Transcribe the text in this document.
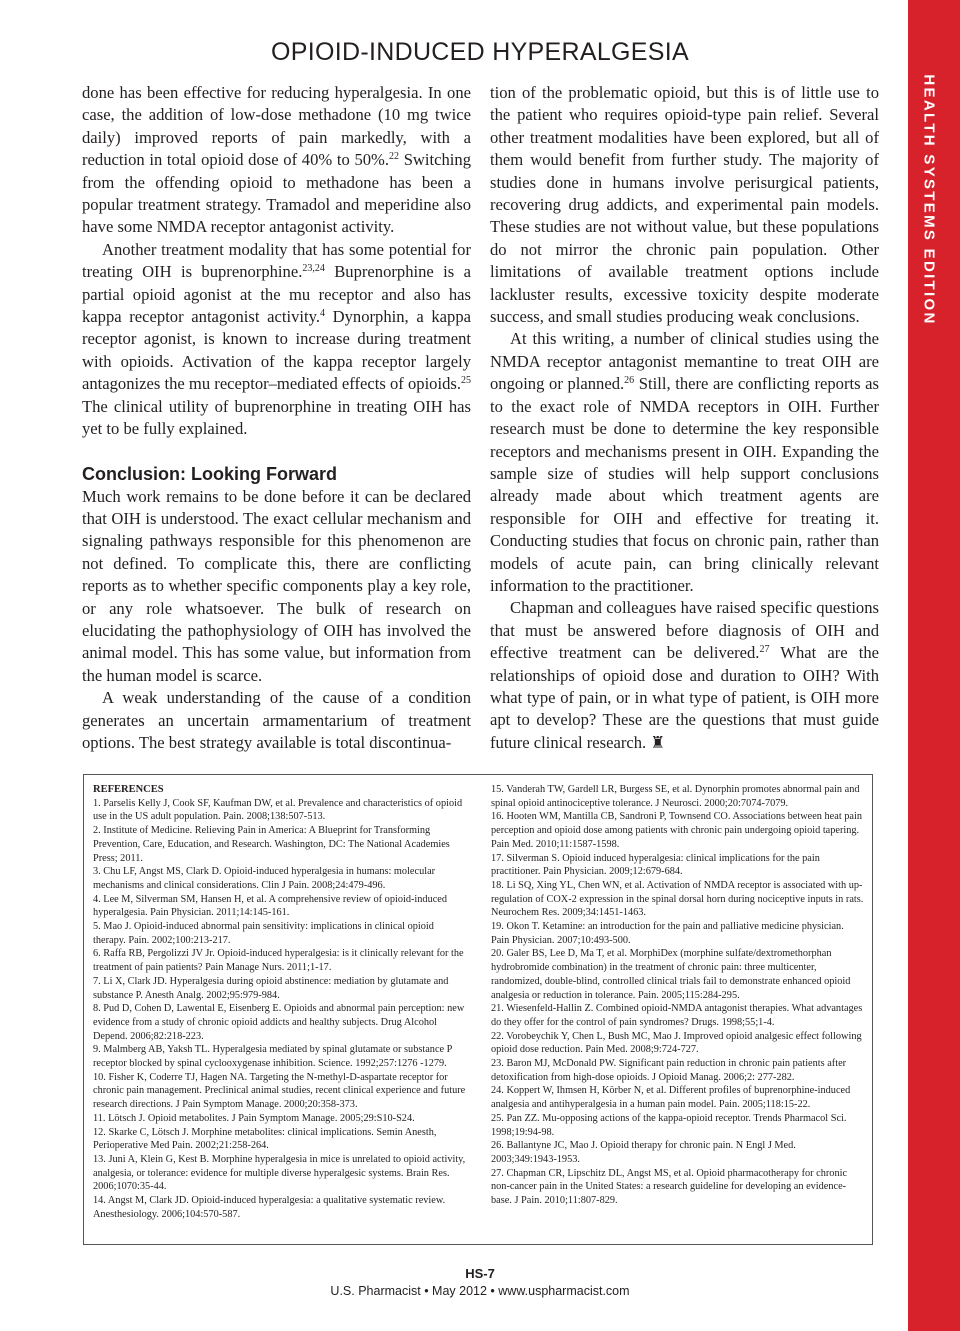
HEALTH SYSTEMS EDITION
OPIOID-INDUCED HYPERALGESIA

done has been effective for reducing hyperalgesia. In one case, the addition of low-dose methadone (10 mg twice daily) improved reports of pain markedly, with a reduction in total opioid dose of 40% to 50%.$^{22}$ Switching from the offending opioid to methadone has been a popular treatment strategy. Tramadol and meperidine also have some NMDA receptor antagonist activity.

Another treatment modality that has some potential for treating OIH is buprenorphine.$^{23,24}$ Buprenorphine is a partial opioid agonist at the mu receptor and also has kappa receptor antagonist activity.$^4$ Dynorphin, a kappa receptor agonist, is known to increase during treatment with opioids. Activation of the kappa receptor largely antagonizes the mu receptor–mediated effects of opioids.$^{25}$ The clinical utility of buprenorphine in treating OIH has yet to be fully explained.

Conclusion: Looking Forward

Much work remains to be done before it can be declared that OIH is understood. The exact cellular mechanism and signaling pathways responsible for this phenomenon are not defined. To complicate this, there are conflicting reports as to whether specific components play a key role, or any role whatsoever. The bulk of research on elucidating the pathophysiology of OIH has involved the animal model. This has some value, but information from the human model is scarce.

A weak understanding of the cause of a condition generates an uncertain armamentarium of treatment options. The best strategy available is total discontinua-

tion of the problematic opioid, but this is of little use to the patient who requires opioid-type pain relief. Several other treatment modalities have been explored, but all of them would benefit from further study. The majority of studies done in humans involve perisurgical patients, recovering drug addicts, and experimental pain models. These studies are not without value, but these populations do not mirror the chronic pain population. Other limitations of available treatment options include lackluster results, excessive toxicity despite moderate success, and small studies producing weak conclusions.

At this writing, a number of clinical studies using the NMDA receptor antagonist memantine to treat OIH are ongoing or planned.$^{26}$ Still, there are conflicting reports as to the exact role of NMDA receptors in OIH. Further research must be done to determine the key responsible receptors and mechanisms present in OIH. Expanding the sample size of studies will help support conclusions already made about which treatment agents are responsible for OIH and effective for treating it. Conducting studies that focus on chronic pain, rather than models of acute pain, can bring clinically relevant information to the practitioner.

Chapman and colleagues have raised specific questions that must be answered before diagnosis of OIH and effective treatment can be delivered.$^{27}$ What are the relationships of opioid dose and duration to OIH? With what type of pain, or in what type of patient, is OIH more apt to develop? These are the questions that must guide future clinical research. ♜

REFERENCES
1. Parselis Kelly J, Cook SF, Kaufman DW, et al. Prevalence and characteristics of opioid use in the US adult population. Pain. 2008;138:507-513.
2. Institute of Medicine. Relieving Pain in America: A Blueprint for Transforming Prevention, Care, Education, and Research. Washington, DC: The National Academies Press; 2011.
3. Chu LF, Angst MS, Clark D. Opioid-induced hyperalgesia in humans: molecular mechanisms and clinical considerations. Clin J Pain. 2008;24:479-496.
4. Lee M, Silverman SM, Hansen H, et al. A comprehensive review of opioid-induced hyperalgesia. Pain Physician. 2011;14:145-161.
5. Mao J. Opioid-induced abnormal pain sensitivity: implications in clinical opioid therapy. Pain. 2002;100:213-217.
6. Raffa RB, Pergolizzi JV Jr. Opioid-induced hyperalgesia: is it clinically relevant for the treatment of pain patients? Pain Manage Nurs. 2011;1-17.
7. Li X, Clark JD. Hyperalgesia during opioid abstinence: mediation by glutamate and substance P. Anesth Analg. 2002;95:979-984.
8. Pud D, Cohen D, Lawental E, Eisenberg E. Opioids and abnormal pain perception: new evidence from a study of chronic opioid addicts and healthy subjects. Drug Alcohol Depend. 2006;82:218-223.
9. Malmberg AB, Yaksh TL. Hyperalgesia mediated by spinal glutamate or substance P receptor blocked by spinal cyclooxygenase inhibition. Science. 1992;257:1276 -1279.
10. Fisher K, Coderre TJ, Hagen NA. Targeting the N-methyl-D-aspartate receptor for chronic pain management. Preclinical animal studies, recent clinical experience and future research directions. J Pain Symptom Manage. 2000;20:358-373.
11. Lötsch J. Opioid metabolites. J Pain Symptom Manage. 2005;29:S10-S24.
12. Skarke C, Lötsch J. Morphine metabolites: clinical implications. Semin Anesth, Perioperative Med Pain. 2002;21:258-264.
13. Juni A, Klein G, Kest B. Morphine hyperalgesia in mice is unrelated to opioid activity, analgesia, or tolerance: evidence for multiple diverse hyperalgesic systems. Brain Res. 2006;1070:35-44.
14. Angst M, Clark JD. Opioid-induced hyperalgesia: a qualitative systematic review. Anesthesiology. 2006;104:570-587.
15. Vanderah TW, Gardell LR, Burgess SE, et al. Dynorphin promotes abnormal pain and spinal opioid antinociceptive tolerance. J Neurosci. 2000;20:7074-7079.
16. Hooten WM, Mantilla CB, Sandroni P, Townsend CO. Associations between heat pain perception and opioid dose among patients with chronic pain undergoing opioid tapering. Pain Med. 2010;11:1587-1598.
17. Silverman S. Opioid induced hyperalgesia: clinical implications for the pain practitioner. Pain Physician. 2009;12:679-684.
18. Li SQ, Xing YL, Chen WN, et al. Activation of NMDA receptor is associated with up-regulation of COX-2 expression in the spinal dorsal horn during nociceptive inputs in rats. Neurochem Res. 2009;34:1451-1463.
19. Okon T. Ketamine: an introduction for the pain and palliative medicine physician. Pain Physician. 2007;10:493-500.
20. Galer BS, Lee D, Ma T, et al. MorphiDex (morphine sulfate/dextromethorphan hydrobromide combination) in the treatment of chronic pain: three multicenter, randomized, double-blind, controlled clinical trials fail to demonstrate enhanced opioid analgesia or reduction in tolerance. Pain. 2005;115:284-295.
21. Wiesenfeld-Hallin Z. Combined opioid-NMDA antagonist therapies. What advantages do they offer for the control of pain syndromes? Drugs. 1998;55;1-4.
22. Vorobeychik Y, Chen L, Bush MC, Mao J. Improved opioid analgesic effect following opioid dose reduction. Pain Med. 2008;9:724-727.
23. Baron MJ, McDonald PW. Significant pain reduction in chronic pain patients after detoxification from high-dose opioids. J Opioid Manag. 2006;2: 277-282.
24. Koppert W, Ihmsen H, Körber N, et al. Different profiles of buprenorphine-induced analgesia and antihyperalgesia in a human pain model. Pain. 2005;118:15-22.
25. Pan ZZ. Mu-opposing actions of the kappa-opioid receptor. Trends Pharmacol Sci. 1998;19:94-98.
26. Ballantyne JC, Mao J. Opioid therapy for chronic pain. N Engl J Med. 2003;349:1943-1953.
27. Chapman CR, Lipschitz DL, Angst MS, et al. Opioid pharmacotherapy for chronic non-cancer pain in the United States: a research guideline for developing an evidence-base. J Pain. 2010;11:807-829.
HS-7
U.S. Pharmacist • May 2012 • www.uspharmacist.com
